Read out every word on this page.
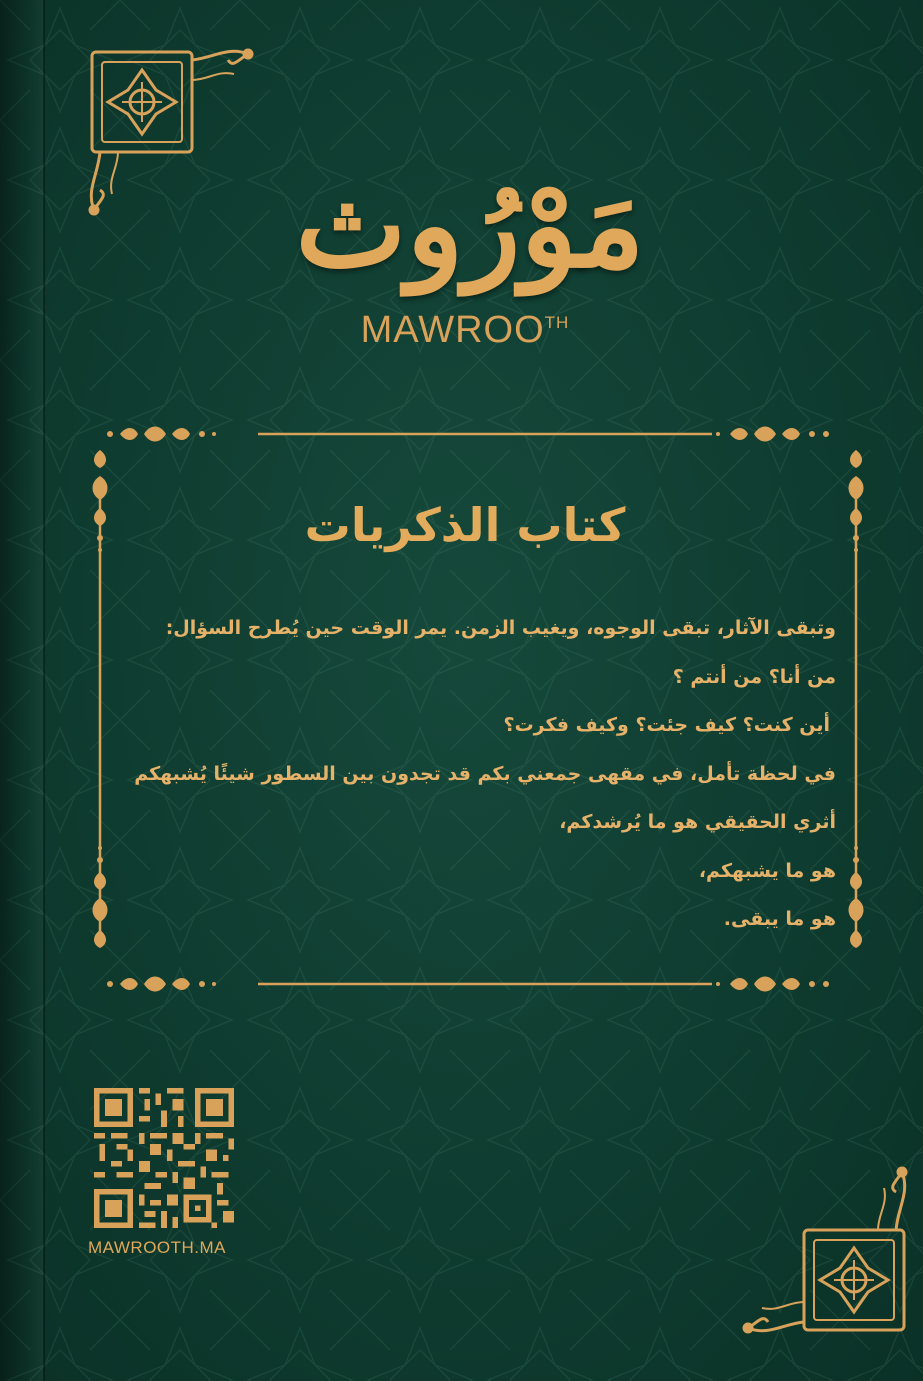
مَوْرُوث
$MAWROO^{TH}$
كتاب الذكريات
وتبقى الآثار، تبقى الوجوه، ويغيب الزمن. يمر الوقت حين يُطرح السؤال:
من أنا؟ من أنتم ؟
أين كنت؟ كيف جئت؟ وكيف فكرت؟
في لحظة تأمل، في مقهى جمعني بكم قد تجدون بين السطور شيئًا يُشبهكم
أثري الحقيقي هو ما يُرشدكم،
هو ما يشبهكم،
هو ما يبقى.
MAWROOTH.MA
